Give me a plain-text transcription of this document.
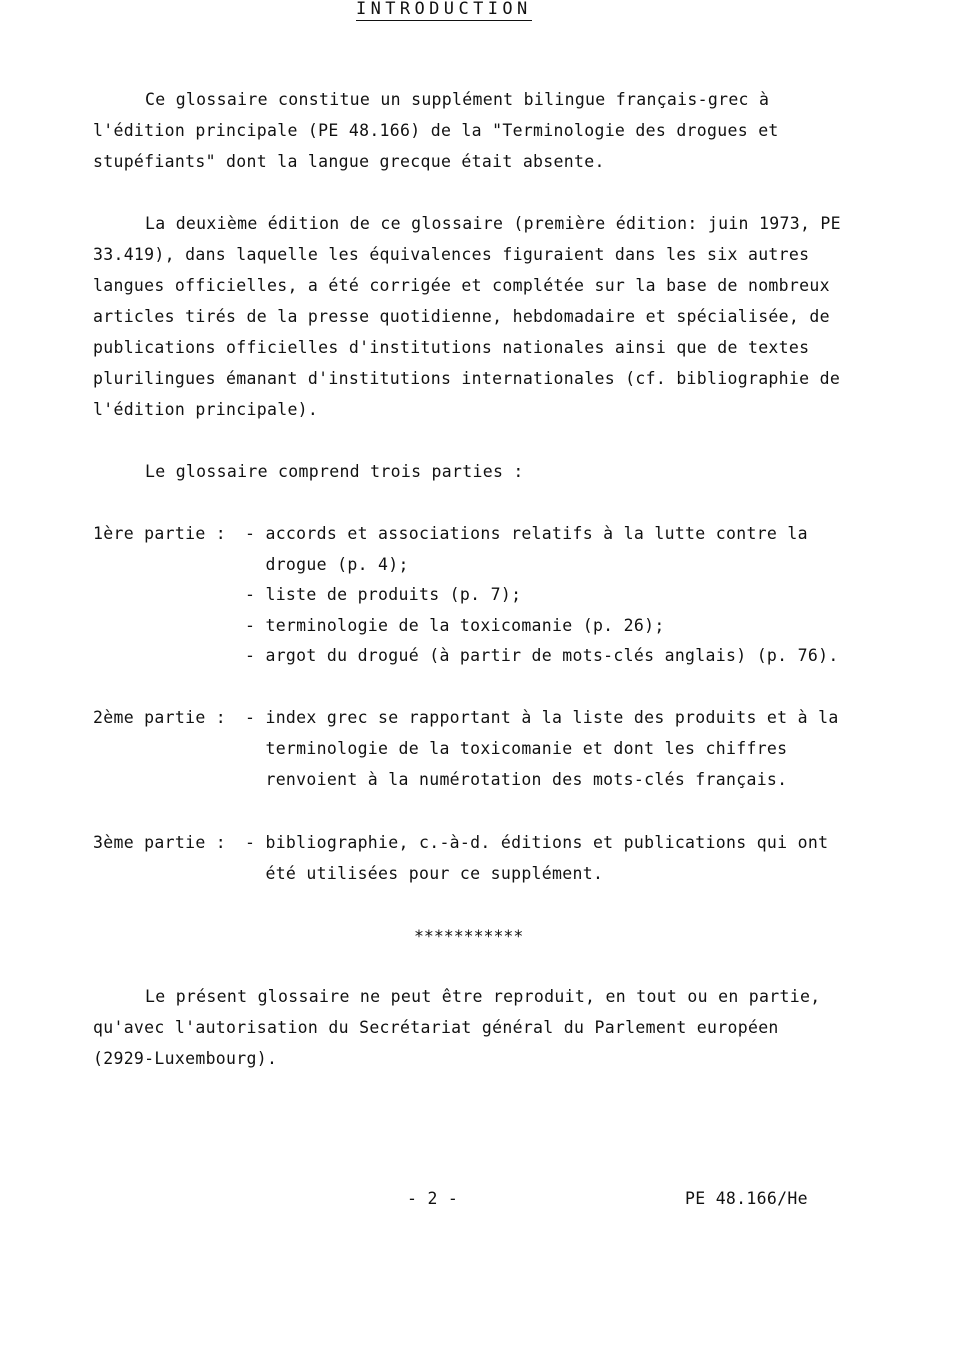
INTRODUCTION
Ce glossaire constitue un supplément bilingue français-grec à
l'édition principale (PE 48.166) de la "Terminologie des drogues et
stupéfiants" dont la langue grecque était absente.
La deuxième édition de ce glossaire (première édition: juin 1973, PE
33.419), dans laquelle les équivalences figuraient dans les six autres
langues officielles, a été corrigée et complétée sur la base de nombreux
articles tirés de la presse quotidienne, hebdomadaire et spécialisée, de
publications officielles d'institutions nationales ainsi que de textes
plurilingues émanant d'institutions internationales (cf. bibliographie de
l'édition principale).
Le glossaire comprend trois parties :
1ère partie : - accords et associations relatifs à la lutte contre la
drogue (p. 4);
- liste de produits (p. 7);
- terminologie de la toxicomanie (p. 26);
- argot du drogué (à partir de mots-clés anglais) (p. 76).
2ème partie : - index grec se rapportant à la liste des produits et à la
terminologie de la toxicomanie et dont les chiffres
renvoient à la numérotation des mots-clés français.
3ème partie : - bibliographie, c.-à-d. éditions et publications qui ont
été utilisées pour ce supplément.
***********
Le présent glossaire ne peut être reproduit, en tout ou en partie,
qu'avec l'autorisation du Secrétariat général du Parlement européen
(2929-Luxembourg).
- 2 -	PE 48.166/He
